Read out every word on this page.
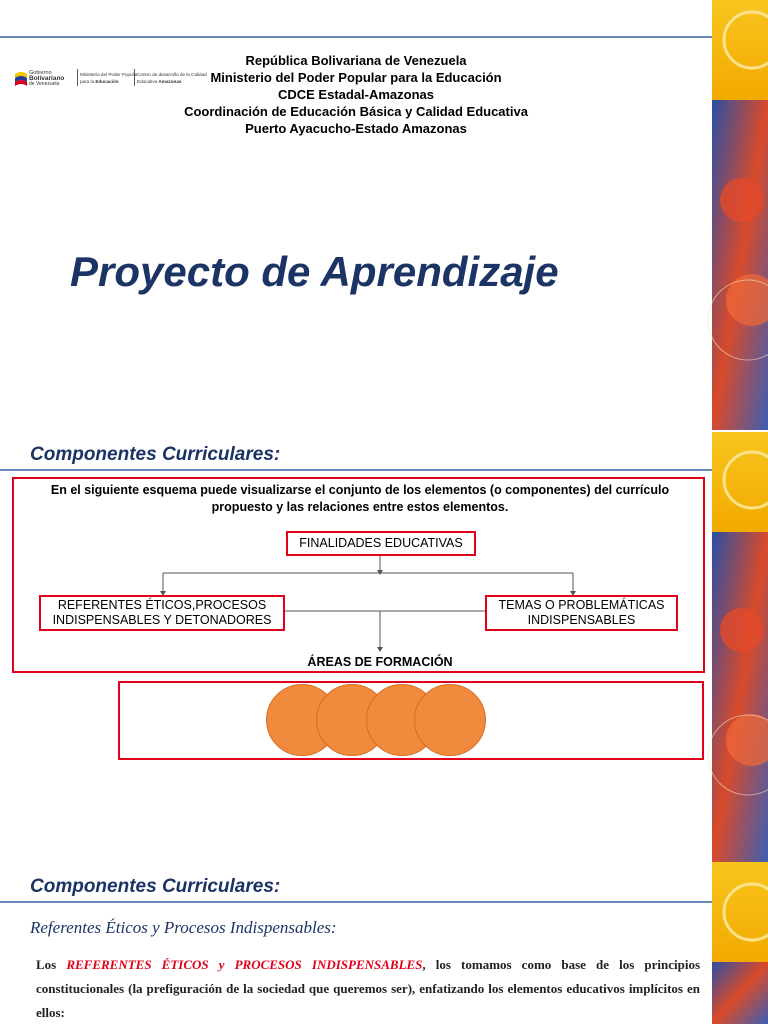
Gobierno
Bolivariano
de Venezuela
Ministerio del Poder Popular
para la Educación
Centro de desarrollo de la Calidad
Educativa Amazonas
República Bolivariana de Venezuela
Ministerio del Poder Popular para la Educación
CDCE Estadal-Amazonas
Coordinación de Educación Básica y Calidad Educativa
Puerto Ayacucho-Estado Amazonas
Proyecto de Aprendizaje
Componentes Curriculares:
En el siguiente esquema puede visualizarse el conjunto de los elementos (o componentes) del currículo propuesto y las relaciones entre estos elementos.
FINALIDADES EDUCATIVAS
REFERENTES ÉTICOS,PROCESOS INDISPENSABLES Y DETONADORES
TEMAS O PROBLEMÁTICAS INDISPENSABLES
ÁREAS DE FORMACIÓN
Componentes Curriculares:
Referentes Éticos y Procesos Indispensables:

Los REFERENTES ÉTICOS y PROCESOS INDISPENSABLES, los tomamos como base de los principios constitucionales (la prefiguración de la sociedad que queremos ser), enfatizando los elementos educativos implícitos en ellos:
